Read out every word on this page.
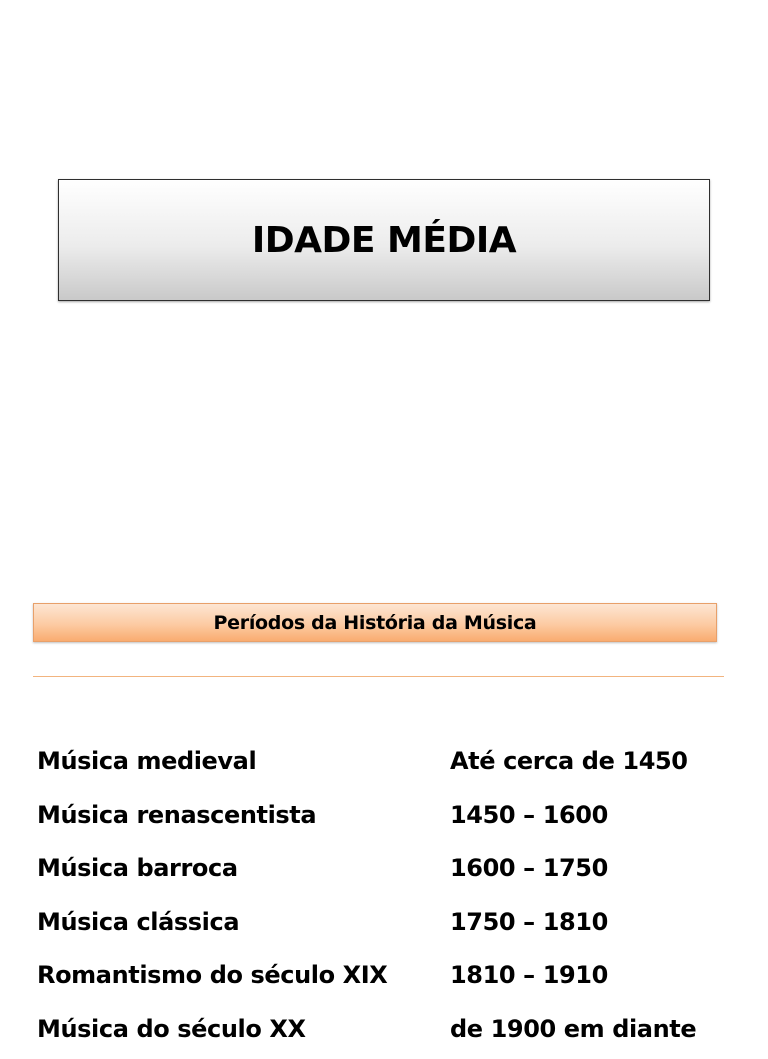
IDADE MÉDIA
Períodos da História da Música
Música medieval	Até cerca de 1450
Música renascentista	1450 – 1600
Música barroca	1600 – 1750
Música clássica	1750 – 1810
Romantismo do século XIX	1810 – 1910
Música do século XX	de 1900 em diante
